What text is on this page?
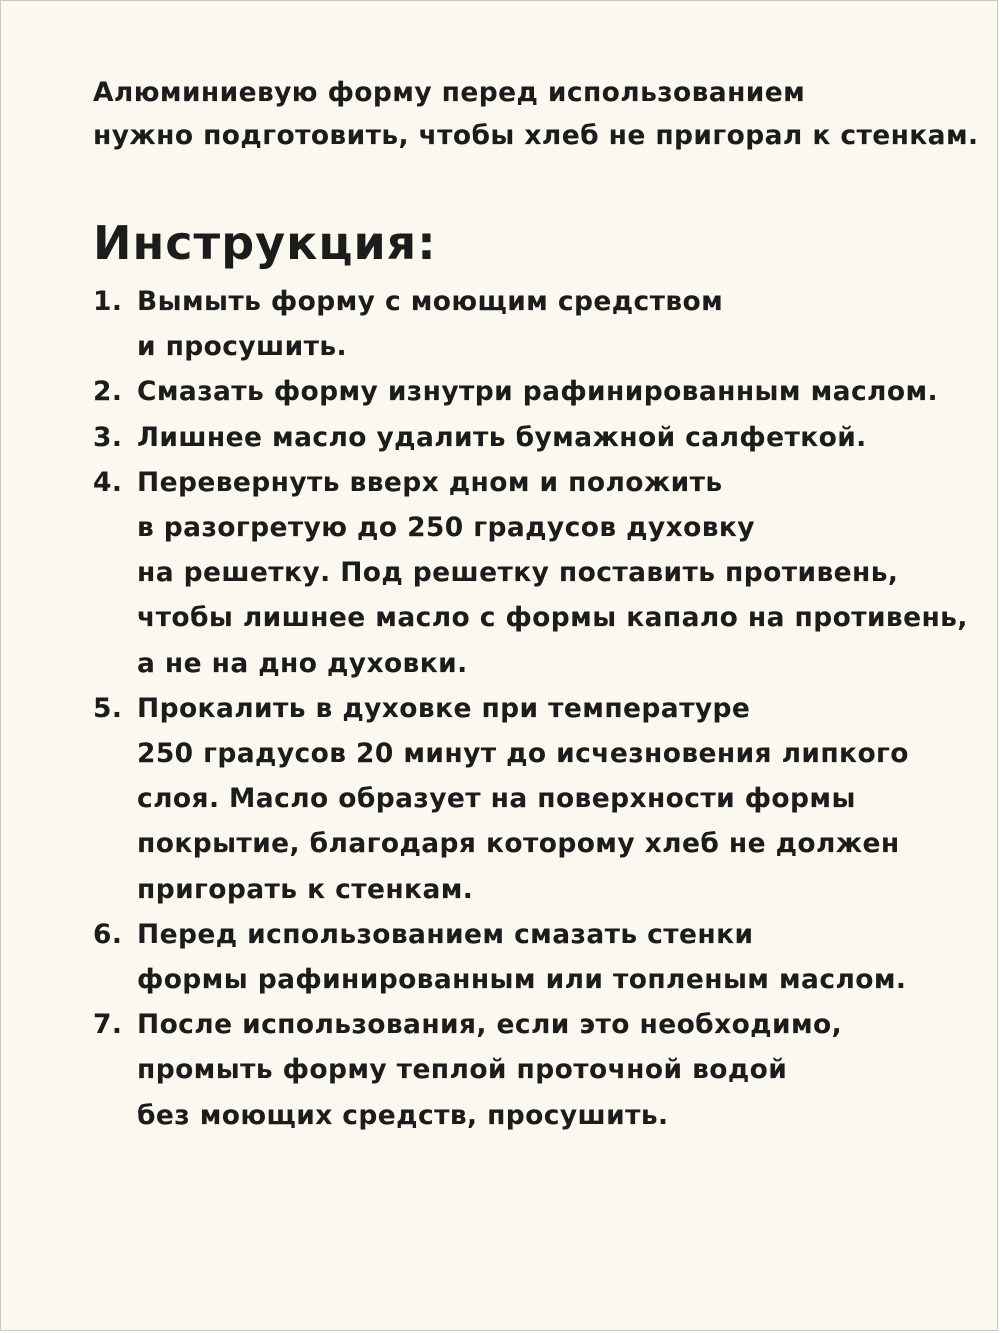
Алюминиевую форму перед использованием
нужно подготовить, чтобы хлеб не пригорал к стенкам.

Инструкция:
1. Вымыть форму с моющим средством
и просушить.
2. Смазать форму изнутри рафинированным маслом.
3. Лишнее масло удалить бумажной салфеткой.
4. Перевернуть вверх дном и положить
в разогретую до 250 градусов духовку
на решетку. Под решетку поставить противень,
чтобы лишнее масло с формы капало на противень,
а не на дно духовки.
5. Прокалить в духовке при температуре
250 градусов 20 минут до исчезновения липкого
слоя. Масло образует на поверхности формы
покрытие, благодаря которому хлеб не должен
пригорать к стенкам.
6. Перед использованием смазать стенки
формы рафинированным или топленым маслом.
7. После использования, если это необходимо,
промыть форму теплой проточной водой
без моющих средств, просушить.
